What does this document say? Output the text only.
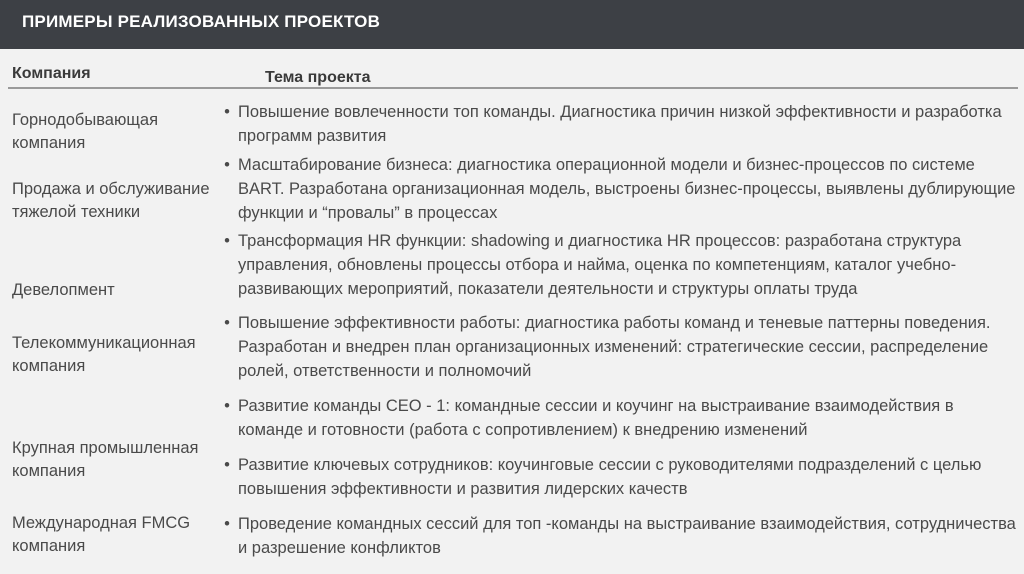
ПРИМЕРЫ РЕАЛИЗОВАННЫХ ПРОЕКТОВ
Компания	Тема проекта
Горнодобывающая компания
Продажа и обслуживание тяжелой техники
Девелопмент
Телекоммуникационная компания
Крупная промышленная компания
Международная FMCG компания
• Повышение вовлеченности топ команды. Диагностика причин низкой эффективности и разработка программ развития
• Масштабирование бизнеса: диагностика операционной модели и бизнес-процессов по системе BART. Разработана организационная модель, выстроены бизнес-процессы, выявлены дублирующие функции и “провалы” в процессах
• Трансформация HR функции: shadowing и диагностика HR процессов: разработана структура управления, обновлены процессы отбора и найма, оценка по компетенциям, каталог учебно-развивающих мероприятий, показатели деятельности и структуры оплаты труда
• Повышение эффективности работы: диагностика работы команд и теневые паттерны поведения. Разработан и внедрен план организационных изменений: стратегические сессии, распределение ролей, ответственности и полномочий
• Развитие команды CEO - 1: командные сессии и коучинг на выстраивание взаимодействия в команде и готовности (работа с сопротивлением) к внедрению изменений
• Развитие ключевых сотрудников: коучинговые сессии с руководителями подразделений с целью повышения эффективности и развития лидерских качеств
• Проведение командных сессий для топ -команды на выстраивание взаимодействия, сотрудничества и разрешение конфликтов
